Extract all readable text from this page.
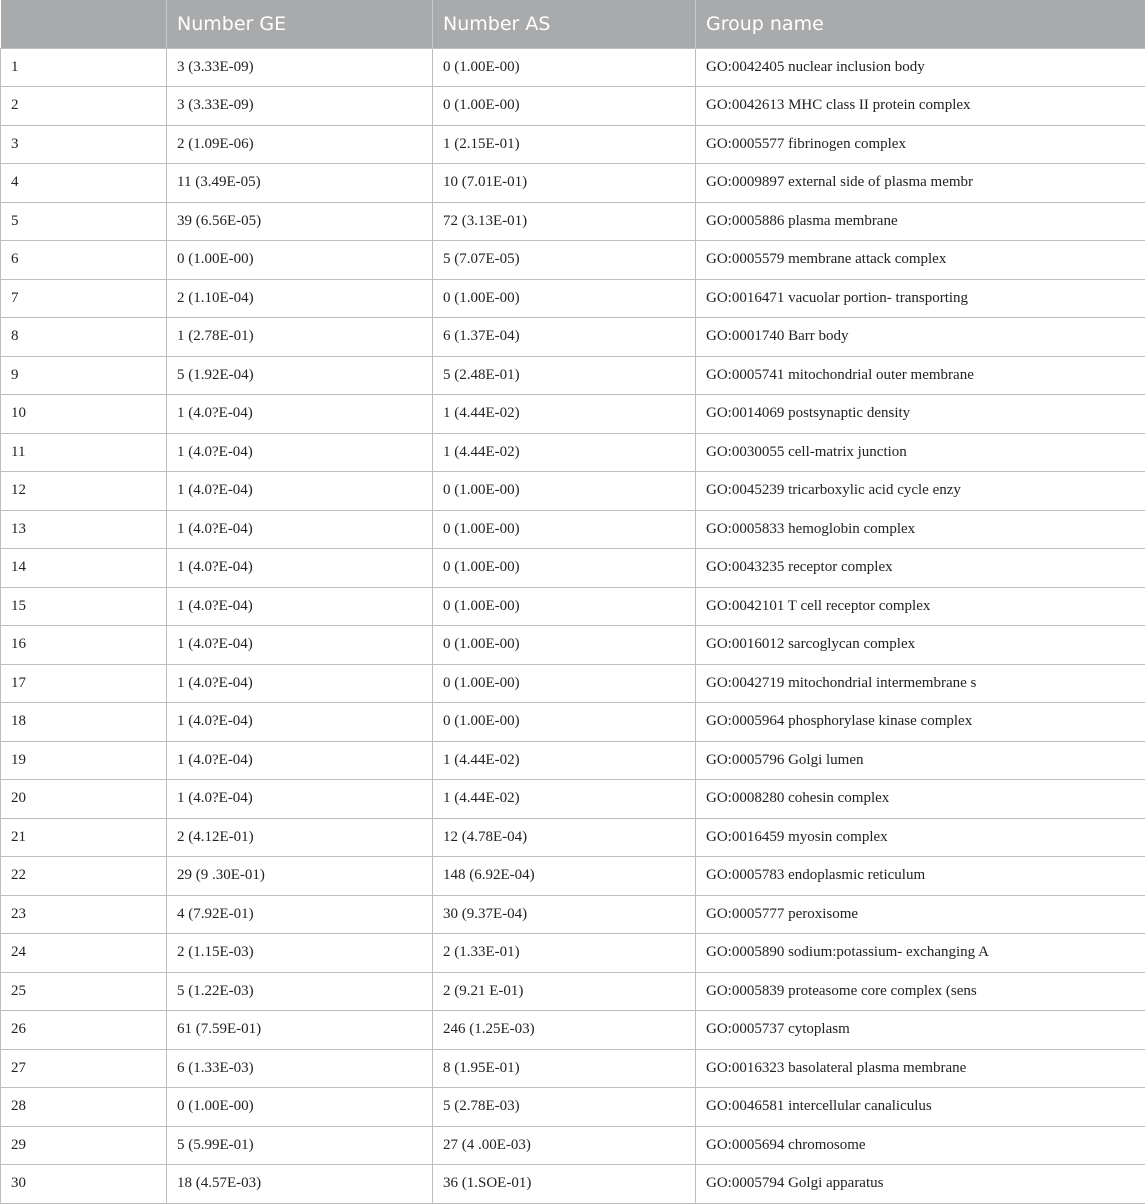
	Number GE	Number AS	Group name
1	3 (3.33E-09)	0 (1.00E-00)	GO:0042405 nuclear inclusion body
2	3 (3.33E-09)	0 (1.00E-00)	GO:0042613 MHC class II protein complex
3	2 (1.09E-06)	1 (2.15E-01)	GO:0005577 fibrinogen complex
4	11 (3.49E-05)	10 (7.01E-01)	GO:0009897 external side of plasma membr
5	39 (6.56E-05)	72 (3.13E-01)	GO:0005886 plasma membrane
6	0 (1.00E-00)	5 (7.07E-05)	GO:0005579 membrane attack complex
7	2 (1.10E-04)	0 (1.00E-00)	GO:0016471 vacuolar portion- transporting
8	1 (2.78E-01)	6 (1.37E-04)	GO:0001740 Barr body
9	5 (1.92E-04)	5 (2.48E-01)	GO:0005741 mitochondrial outer membrane
10	1 (4.0?E-04)	1 (4.44E-02)	GO:0014069 postsynaptic density
11	1 (4.0?E-04)	1 (4.44E-02)	GO:0030055 cell-matrix junction
12	1 (4.0?E-04)	0 (1.00E-00)	GO:0045239 tricarboxylic acid cycle enzy
13	1 (4.0?E-04)	0 (1.00E-00)	GO:0005833 hemoglobin complex
14	1 (4.0?E-04)	0 (1.00E-00)	GO:0043235 receptor complex
15	1 (4.0?E-04)	0 (1.00E-00)	GO:0042101 T cell receptor complex
16	1 (4.0?E-04)	0 (1.00E-00)	GO:0016012 sarcoglycan complex
17	1 (4.0?E-04)	0 (1.00E-00)	GO:0042719 mitochondrial intermembrane s
18	1 (4.0?E-04)	0 (1.00E-00)	GO:0005964 phosphorylase kinase complex
19	1 (4.0?E-04)	1 (4.44E-02)	GO:0005796 Golgi lumen
20	1 (4.0?E-04)	1 (4.44E-02)	GO:0008280 cohesin complex
21	2 (4.12E-01)	12 (4.78E-04)	GO:0016459 myosin complex
22	29 (9 .30E-01)	148 (6.92E-04)	GO:0005783 endoplasmic reticulum
23	4 (7.92E-01)	30 (9.37E-04)	GO:0005777 peroxisome
24	2 (1.15E-03)	2 (1.33E-01)	GO:0005890 sodium:potassium- exchanging A
25	5 (1.22E-03)	2 (9.21 E-01)	GO:0005839 proteasome core complex (sens
26	61 (7.59E-01)	246 (1.25E-03)	GO:0005737 cytoplasm
27	6 (1.33E-03)	8 (1.95E-01)	GO:0016323 basolateral plasma membrane
28	0 (1.00E-00)	5 (2.78E-03)	GO:0046581 intercellular canaliculus
29	5 (5.99E-01)	27 (4 .00E-03)	GO:0005694 chromosome
30	18 (4.57E-03)	36 (1.SOE-01)	GO:0005794 Golgi apparatus
